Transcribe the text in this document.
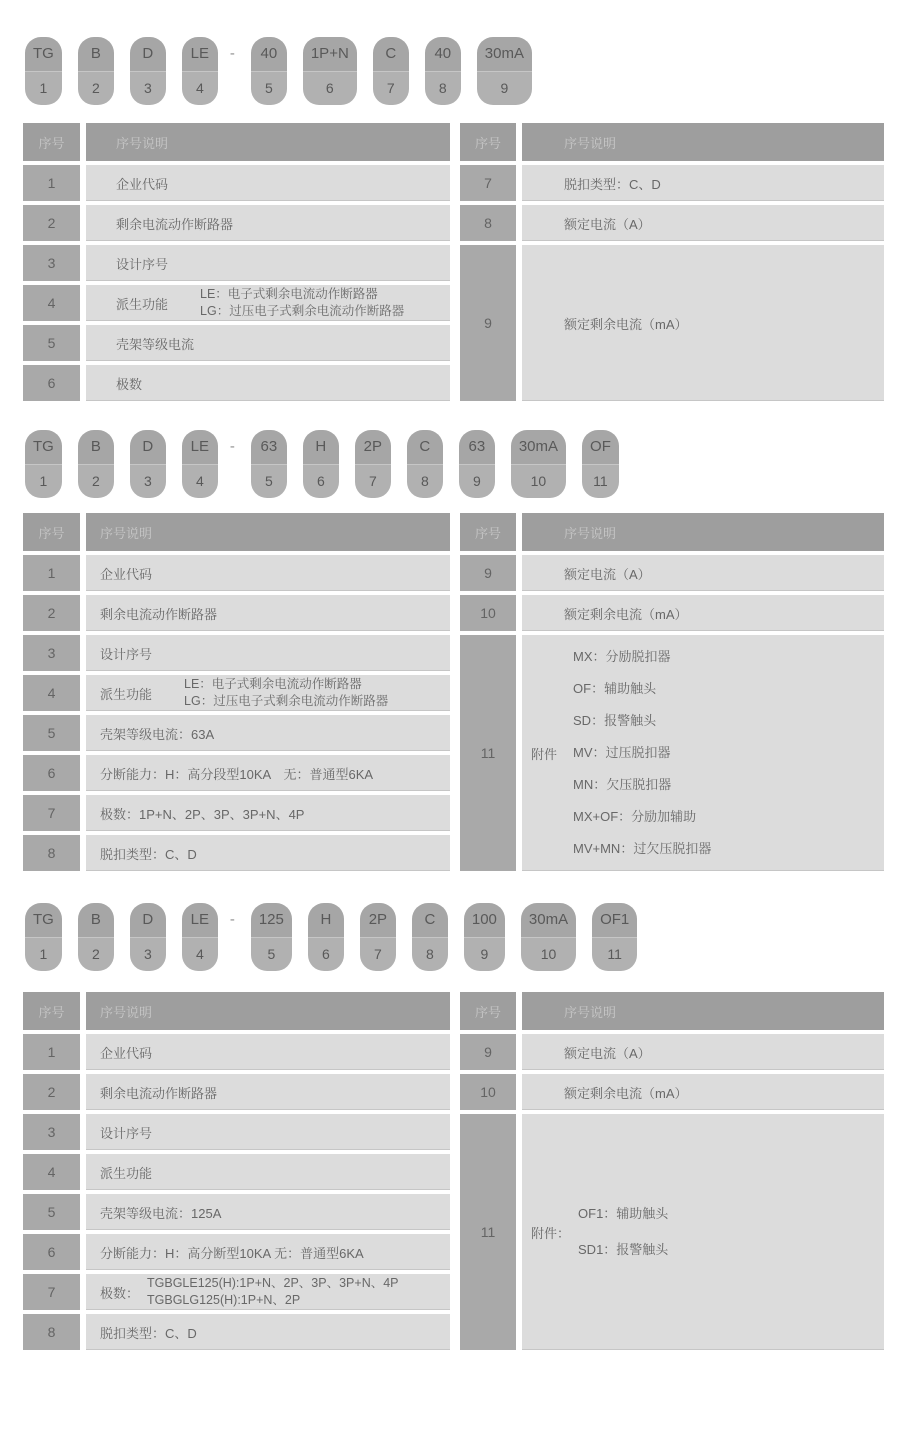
TG
1
B
2
D
3
LE
4
-	40
5
1P+N
6
C
7
40
8
30mA
9
序号	序号说明
1	企业代码
2	剩余电流动作断路器
3	设计序号
4	派生功能
LE：电子式剩余电流动作断路器
LG：过压电子式剩余电流动作断路器
5	壳架等级电流
6	极数
序号	序号说明
7	脱扣类型：C、D
8	额定电流（A）
9	额定剩余电流（mA）
TG
1
B
2
D
3
LE
4
-	63
5
H
6
2P
7
C
8
63
9
30mA
10
OF
11
序号	序号说明
1	企业代码
2	剩余电流动作断路器
3	设计序号
4	派生功能
LE：电子式剩余电流动作断路器
LG：过压电子式剩余电流动作断路器
5	壳架等级电流：63A
6	分断能力：H：高分段型10KA　无：普通型6KA
7	极数：1P+N、2P、3P、3P+N、4P
8	脱扣类型：C、D
序号	序号说明
9	额定电流（A）
10	额定剩余电流（mA）
11	附件
MX：分励脱扣器
OF：辅助触头
SD：报警触头
MV：过压脱扣器
MN：欠压脱扣器
MX+OF：分励加辅助
MV+MN：过欠压脱扣器
TG
1
B
2
D
3
LE
4
-	125
5
H
6
2P
7
C
8
100
9
30mA
10
OF1
11
序号	序号说明
1	企业代码
2	剩余电流动作断路器
3	设计序号
4	派生功能
5	壳架等级电流：125A
6	分断能力：H：高分断型10KA 无：普通型6KA
7	极数：
TGBGLE125(H):1P+N、2P、3P、3P+N、4P
TGBGLG125(H):1P+N、2P
8	脱扣类型：C、D
序号	序号说明
9	额定电流（A）
10	额定剩余电流（mA）
11	附件：
OF1：辅助触头
SD1：报警触头
